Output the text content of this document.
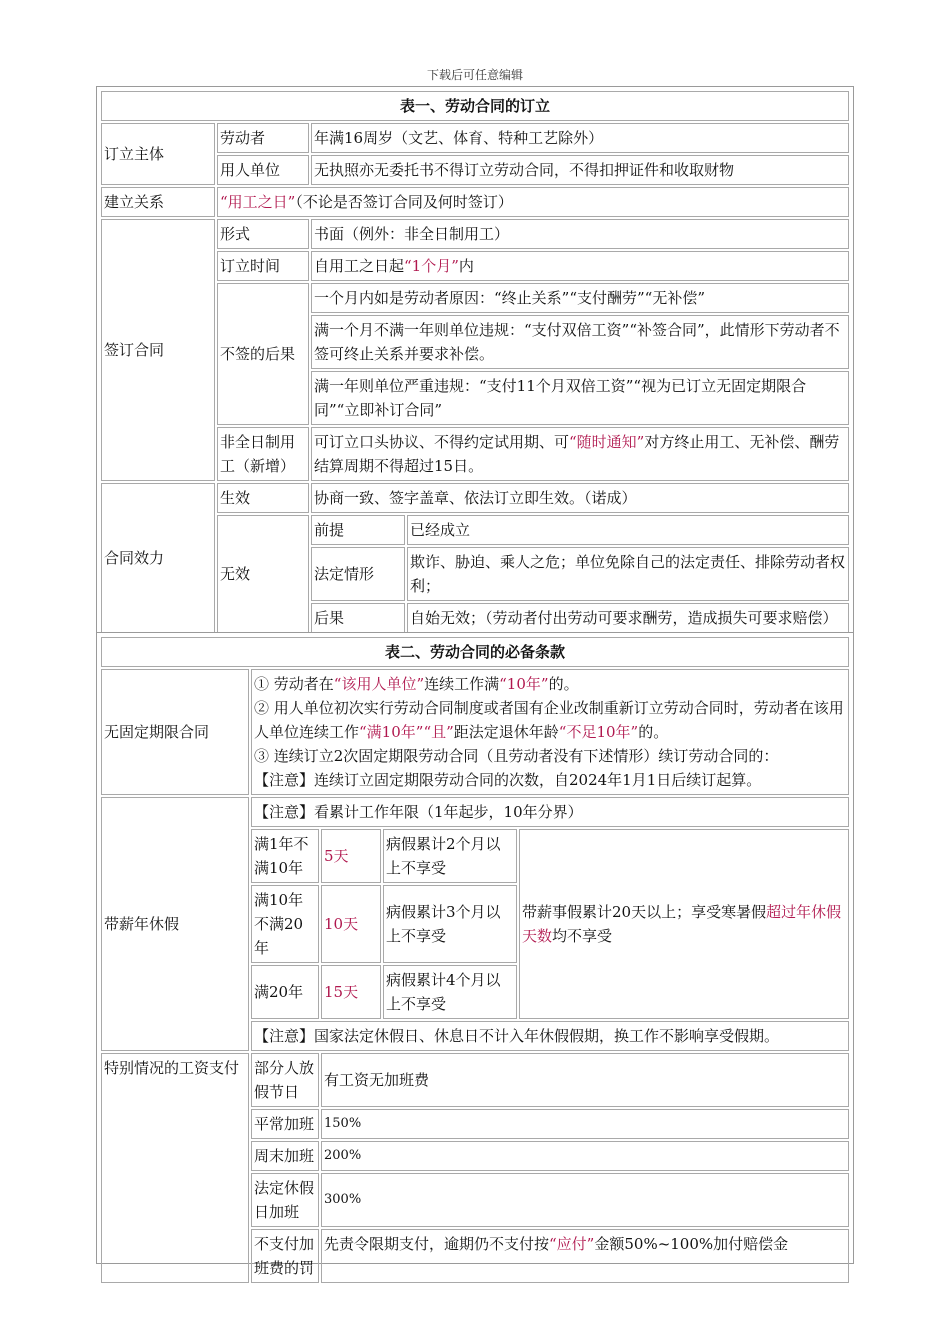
下载后可任意编辑
表一、劳动合同的订立			
订立主体	劳动者	年满16周岁（文艺、体育、特种工艺除外）	
	用人单位	无执照亦无委托书不得订立劳动合同，不得扣押证件和收取财物	
建立关系	“用工之日”（不论是否签订合同及何时签订）		
签订合同	形式	书面（例外：非全日制用工）	
	订立时间	自用工之日起“1个月”内	
	不签的后果	一个月内如是劳动者原因：“终止关系”“支付酬劳”“无补偿”	
		满一个月不满一年则单位违规：“支付双倍工资”“补签合同”，此情形下劳动者不签可终止关系并要求补偿。	
		满一年则单位严重违规：“支付11个月双倍工资”“视为已订立无固定期限合同”“立即补订合同”	
	非全日制用工（新增）	可订立口头协议、不得约定试用期、可“随时通知”对方终止用工、无补偿、酬劳结算周期不得超过15日。	
合同效力	生效	协商一致、签字盖章、依法订立即生效。（诺成）	
	无效	前提	已经成立
		法定情形	欺诈、胁迫、乘人之危；单位免除自己的法定责任、排除劳动者权利；
		后果	自始无效；（劳动者付出劳动可要求酬劳，造成损失可要求赔偿）
表二、劳动合同的必备条款				
无固定期限合同	① 劳动者在“该用人单位”连续工作满“10年”的。
② 用人单位初次实行劳动合同制度或者国有企业改制重新订立劳动合同时，劳动者在该用人单位连续工作“满10年”“且”距法定退休年龄“不足10年”的。
③ 连续订立2次固定期限劳动合同（且劳动者没有下述情形）续订劳动合同的：
【注意】连续订立固定期限劳动合同的次数，自2024年1月1日后续订起算。			

带薪年休假	【注意】看累计工作年限（1年起步，10年分界）			
	满1年不满10年	5天	病假累计2个月以上不享受	带薪事假累计20天以上；享受寒暑假超过年休假天数均不享受
	满10年不满20年	10天	病假累计3个月以上不享受	
	满20年	15天	病假累计4个月以上不享受	
	【注意】国家法定休假日、休息日不计入年休假假期，换工作不影响享受假期。			
特别情况的工资支付	部分人放假节日	有工资无加班费		
	平常加班	150%		
	周末加班	200%		
	法定休假日加班	300%		
	不支付加班费的罚	先责令限期支付，逾期仍不支付按“应付”金额50%~100%加付赔偿金		
